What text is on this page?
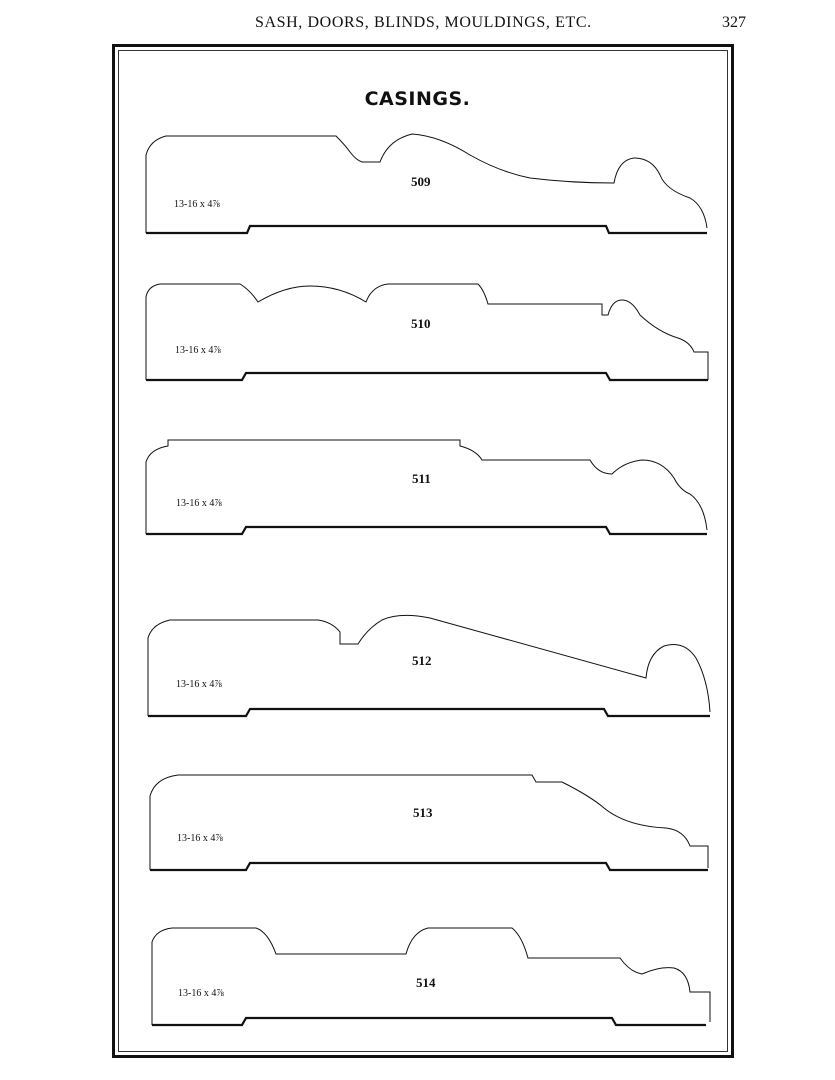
SASH, DOORS, BLINDS, MOULDINGS, ETC.	327
CASINGS.
509
13-16 x 4⅞
510
13-16 x 4⅞
511
13-16 x 4⅞
512
13-16 x 4⅞
513
13-16 x 4⅞
514
13-16 x 4⅞
